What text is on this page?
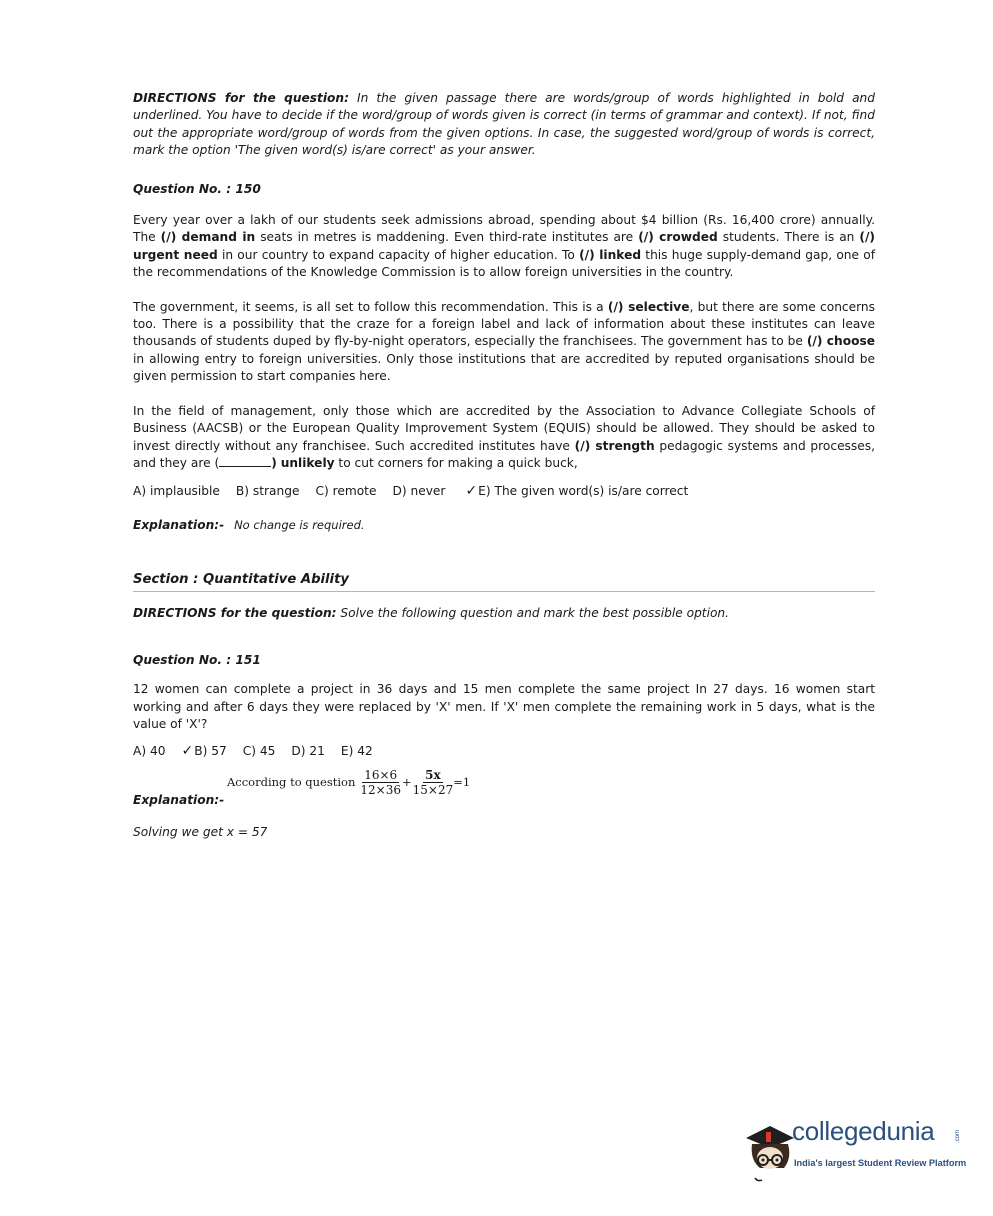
DIRECTIONS for the question: In the given passage there are words/group of words highlighted in bold and underlined. You have to decide if the word/group of words given is correct (in terms of grammar and context). If not, find out the appropriate word/group of words from the given options. In case, the suggested word/group of words is correct, mark the option 'The given word(s) is/are correct' as your answer.

Question No. : 150

Every year over a lakh of our students seek admissions abroad, spending about $4 billion (Rs. 16,400 crore) annually. The (/) demand in seats in metres is maddening. Even third-rate institutes are (/) crowded students. There is an (/) urgent need in our country to expand capacity of higher education. To (/) linked this huge supply-demand gap, one of the recommendations of the Knowledge Commission is to allow foreign universities in the country.

The government, it seems, is all set to follow this recommendation. This is a (/) selective, but there are some concerns too. There is a possibility that the craze for a foreign label and lack of information about these institutes can leave thousands of students duped by fly-by-night operators, especially the franchisees. The government has to be (/) choose in allowing entry to foreign universities. Only those institutions that are accredited by reputed organisations should be given permission to start companies here.

In the field of management, only those which are accredited by the Association to Advance Collegiate Schools of Business (AACSB) or the European Quality Improvement System (EQUIS) should be allowed. They should be asked to invest directly without any franchisee. Such accredited institutes have (/) strength pedagogic systems and processes, and they are (	) unlikely to cut corners for making a quick buck,

A) implausible B) strange C) remote D) never ✓E) The given word(s) is/are correct

Explanation:- No change is required.

Section : Quantitative Ability

DIRECTIONS for the question: Solve the following question and mark the best possible option.

Question No. : 151

12 women can complete a project in 36 days and 15 men complete the same project In 27 days. 16 women start working and after 6 days they were replaced by 'X' men. If 'X' men complete the remaining work in 5 days, what is the value of 'X'?

A) 40 ✓B) 57 C) 45 D) 21 E) 42
Explanation:-
According to question $\frac{16\times 6}{12\times 36} + \frac{5x}{15\times 27} =1$

Solving we get x = 57

collegedunia	.com
India's largest Student Review Platform
